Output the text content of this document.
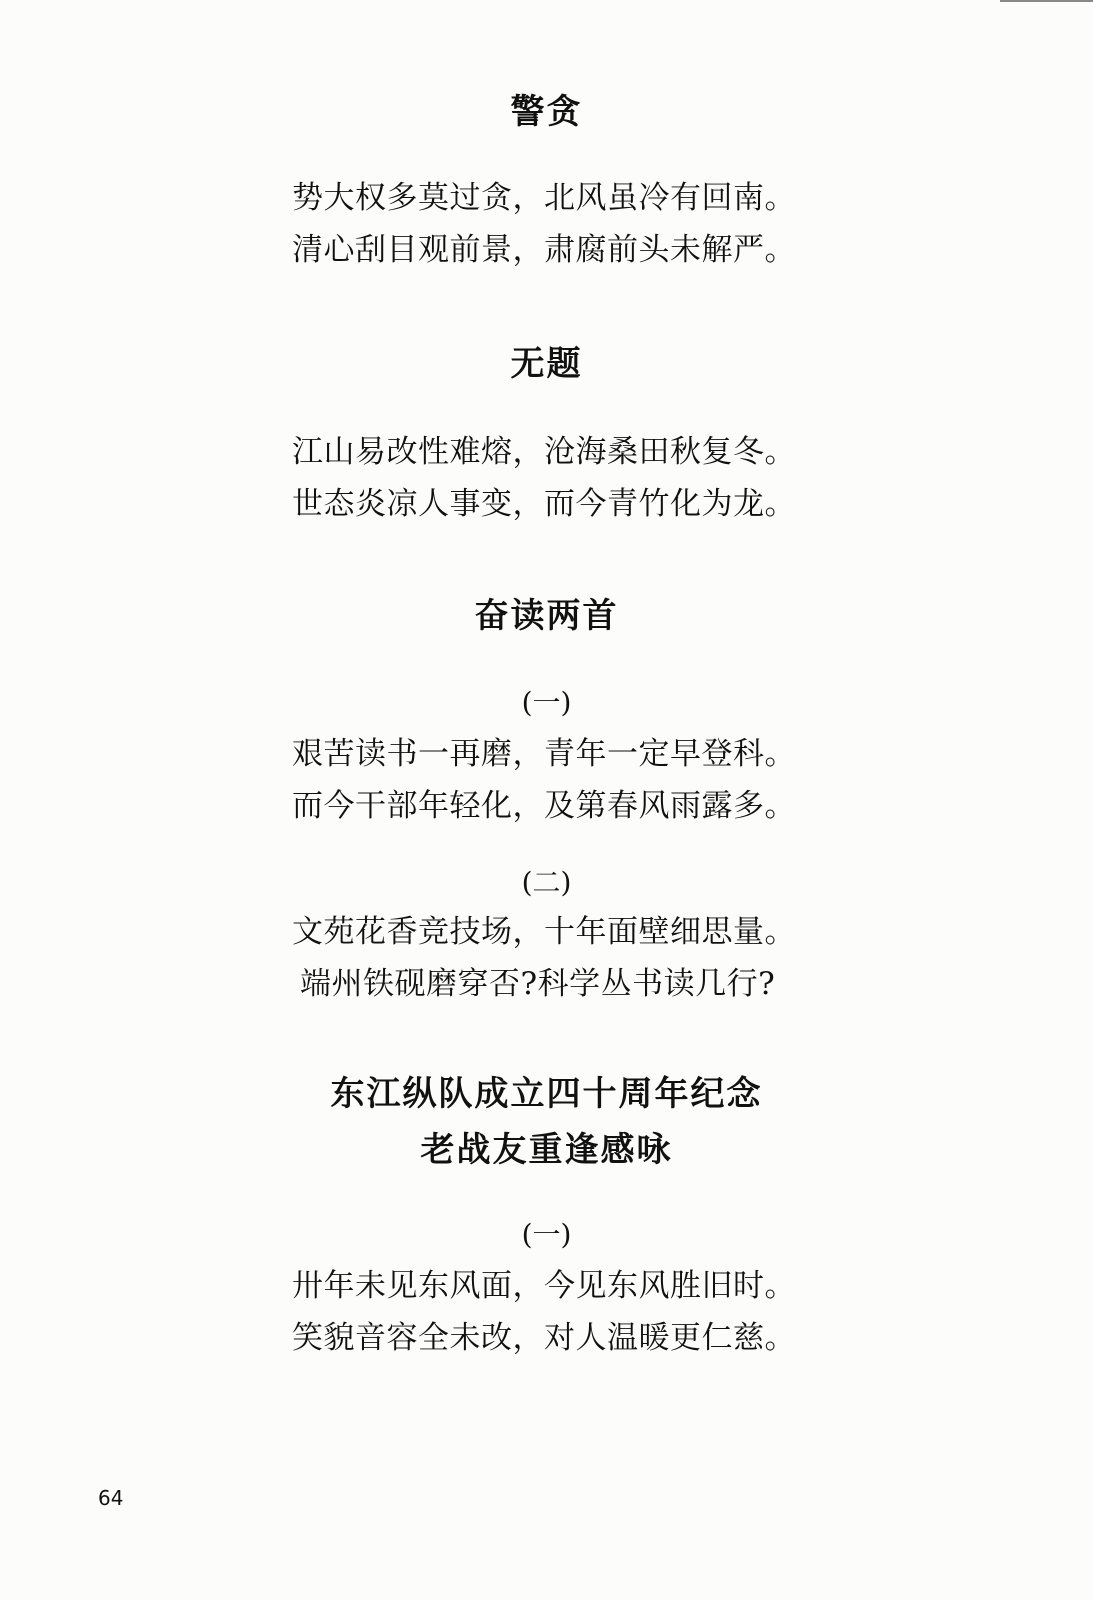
警贪

势大权多莫过贪，北风虽冷有回南。

清心刮目观前景，肃腐前头未解严。

无题

江山易改性难熔，沧海桑田秋复冬。

世态炎凉人事变，而今青竹化为龙。

奋读两首

(一)

艰苦读书一再磨，青年一定早登科。

而今干部年轻化，及第春风雨露多。

(二)

文苑花香竞技场，十年面壁细思量。

端州铁砚磨穿否?科学丛书读几行?

东江纵队成立四十周年纪念
老战友重逢感咏

(一)

卅年未见东风面，今见东风胜旧时。

笑貌音容全未改，对人温暖更仁慈。

64
